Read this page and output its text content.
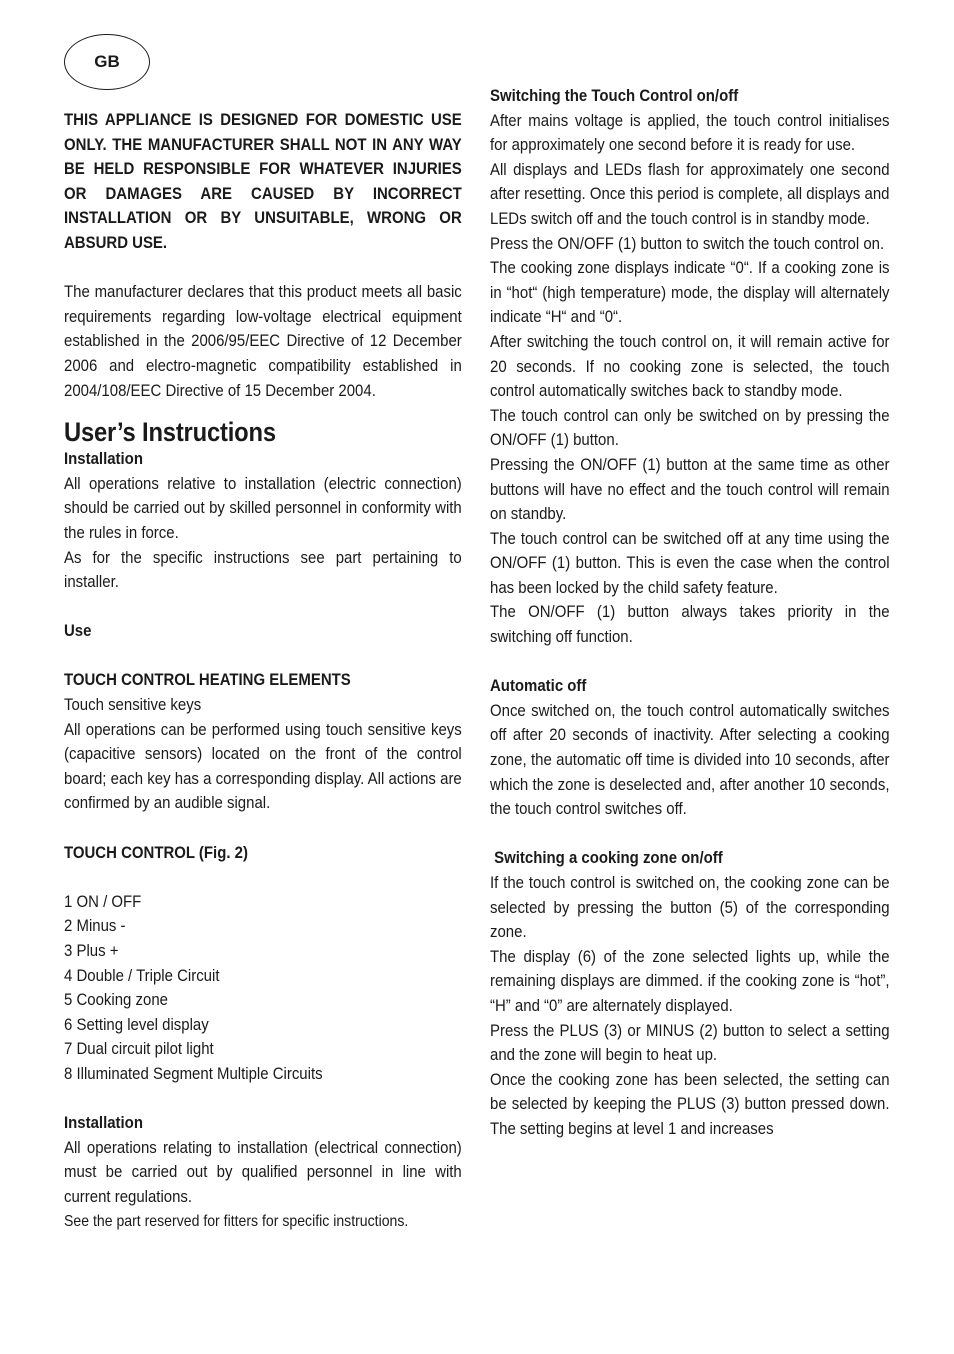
GB

THIS APPLIANCE IS DESIGNED FOR DOMESTIC USE ONLY. THE MANUFACTURER SHALL NOT IN ANY WAY BE HELD RESPONSIBLE FOR WHATEVER INJURIES OR DAMAGES ARE CAUSED BY INCORRECT INSTALLATION OR BY UNSUITABLE, WRONG OR ABSURD USE.

The manufacturer declares that this product meets all basic requirements regarding low-voltage electrical equipment established in the 2006/95/EEC Directive of 12 December 2006 and electro-magnetic compatibility established in 2004/108/EEC Directive of 15 December 2004.

User’s Instructions

Installation

All operations relative to installation (electric connection) should be carried out by skilled personnel in conformity with the rules in force.

As for the specific instructions see part pertaining to installer.

Use

TOUCH CONTROL HEATING ELEMENTS

Touch sensitive keys

All operations can be performed using touch sensitive keys (capacitive sensors) located on the front of the control board; each key has a corresponding display. All actions are confirmed by an audible signal.

TOUCH CONTROL (Fig. 2)

1 ON / OFF

2 Minus -

3 Plus +

4 Double / Triple Circuit

5 Cooking zone

6 Setting level display

7 Dual circuit pilot light

8 Illuminated Segment Multiple Circuits

Installation

All operations relating to installation (electrical connection) must be carried out by qualified personnel in line with current regulations.

See the part reserved for fitters for specific instructions.

Switching the Touch Control on/off

After mains voltage is applied, the touch control initialises for approximately one second before it is ready for use.

All displays and LEDs flash for approximately one second after resetting. Once this period is complete, all displays and LEDs switch off and the touch control is in standby mode.

Press the ON/OFF (1) button to switch the touch control on.

The cooking zone displays indicate “0“. If a cooking zone is in “hot“ (high temperature) mode, the display will alternately indicate “H“ and “0“.

After switching the touch control on, it will remain active for 20 seconds. If no cooking zone is selected, the touch control automatically switches back to standby mode.

The touch control can only be switched on by pressing the ON/OFF (1) button.

Pressing the ON/OFF (1) button at the same time as other buttons will have no effect and the touch control will remain on standby.

The touch control can be switched off at any time using the ON/OFF (1) button. This is even the case when the control has been locked by the child safety feature.

The ON/OFF (1) button always takes priority in the switching off function.

Automatic off

Once switched on, the touch control automatically switches off after 20 seconds of inactivity. After selecting a cooking zone, the automatic off time is divided into 10 seconds, after which the zone is deselected and, after another 10 seconds, the touch control switches off.

Switching a cooking zone on/off

If the touch control is switched on, the cooking zone can be selected by pressing the button (5) of the corresponding zone.

The display (6) of the zone selected lights up, while the remaining displays are dimmed. if the cooking zone is “hot”, “H” and “0” are alternately displayed.

Press the PLUS (3) or MINUS (2) button to select a setting and the zone will begin to heat up.

Once the cooking zone has been selected, the setting can be selected by keeping the PLUS (3) button pressed down. The setting begins at level 1 and increases
